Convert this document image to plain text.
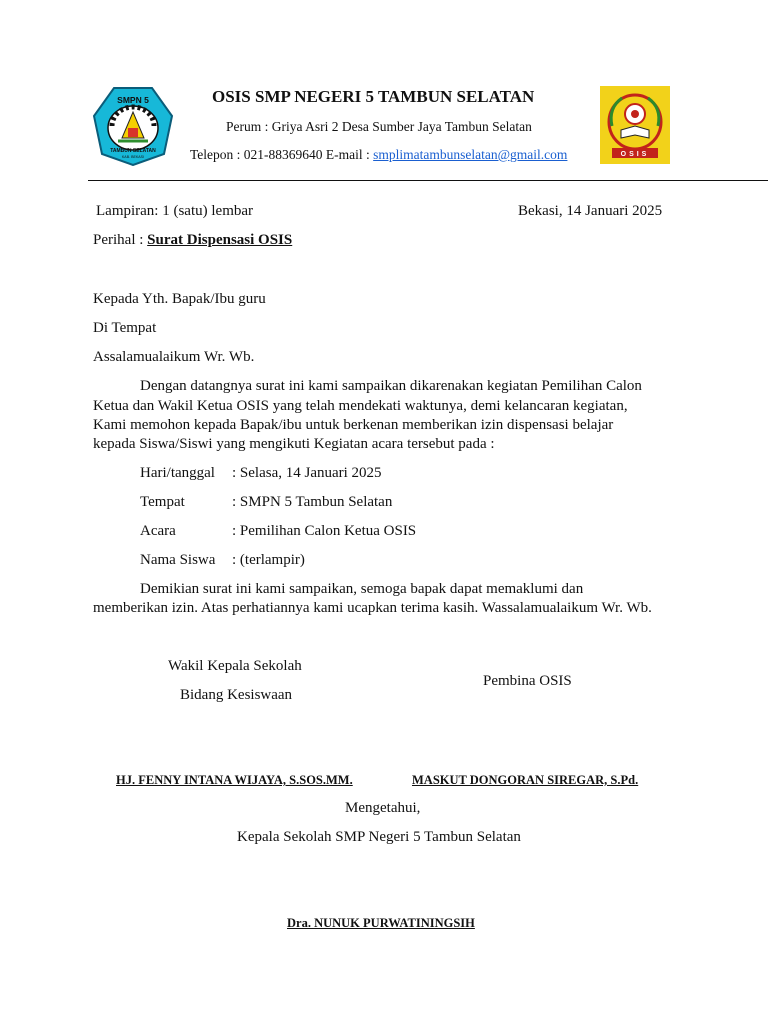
SMPN 5
TAMBUN SELATAN
KAB. BEKASI
OSIS SMP NEGERI 5 TAMBUN SELATAN
Perum : Griya Asri 2 Desa Sumber Jaya Tambun Selatan
Telepon : 021-88369640 E-mail : smplimatambunselatan@gmail.com	OSIS
Lampiran: 1 (satu) lembar	Bekasi, 14 Januari 2025
Perihal : Surat Dispensasi OSIS
Kepada Yth. Bapak/Ibu guru
Di Tempat
Assalamualaikum Wr. Wb.
Dengan datangnya surat ini kami sampaikan dikarenakan kegiatan Pemilihan Calon
Ketua dan Wakil Ketua OSIS yang telah mendekati waktunya, demi kelancaran kegiatan,
Kami memohon kepada Bapak/ibu untuk berkenan memberikan izin dispensasi belajar
kepada Siswa/Siswi yang mengikuti Kegiatan acara tersebut pada :
Hari/tanggal : Selasa, 14 Januari 2025
Tempat	: SMPN 5 Tambun Selatan
Acara	: Pemilihan Calon Ketua OSIS
Nama Siswa : (terlampir)
Demikian surat ini kami sampaikan, semoga bapak dapat memaklumi dan
memberikan izin. Atas perhatiannya kami ucapkan terima kasih. Wassalamualaikum Wr. Wb.
Wakil Kepala Sekolah
Bidang Kesiswaan
Pembina OSIS
HJ. FENNY INTANA WIJAYA, S.SOS.MM.	MASKUT DONGORAN SIREGAR, S.Pd.
Mengetahui,
Kepala Sekolah SMP Negeri 5 Tambun Selatan
Dra. NUNUK PURWATININGSIH
